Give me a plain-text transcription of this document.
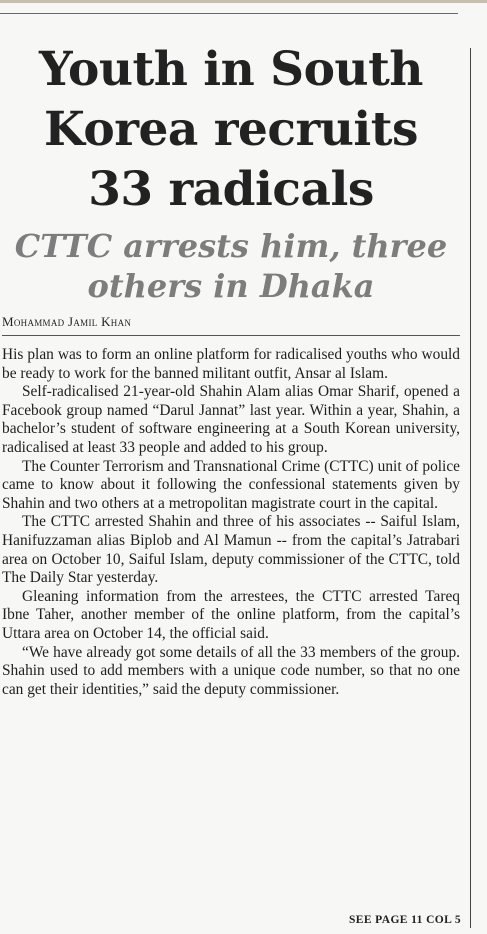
Youth in South Korea recruits 33 radicals
CTTC arrests him, three others in Dhaka
Mohammad Jamil Khan

His plan was to form an online platform for radicalised youths who would be ready to work for the banned militant outfit, Ansar al Islam.

Self-radicalised 21-year-old Shahin Alam alias Omar Sharif, opened a Facebook group named “Darul Jannat” last year. Within a year, Shahin, a bachelor’s student of software engineering at a South Korean university, radicalised at least 33 people and added to his group.

The Counter Terrorism and Transnational Crime (CTTC) unit of police came to know about it following the confessional statements given by Shahin and two others at a metropolitan magistrate court in the capital.

The CTTC arrested Shahin and three of his associates -- Saiful Islam, Hanifuzzaman alias Biplob and Al Mamun -- from the capital’s Jatrabari area on October 10, Saiful Islam, deputy commissioner of the CTTC, told The Daily Star yesterday.

Gleaning information from the arrestees, the CTTC arrested Tareq Ibne Taher, another member of the online platform, from the capital’s Uttara area on October 14, the official said.

“We have already got some details of all the 33 members of the group. Shahin used to add members with a unique code number, so that no one can get their identities,” said the deputy commissioner.

SEE PAGE 11 COL 5
